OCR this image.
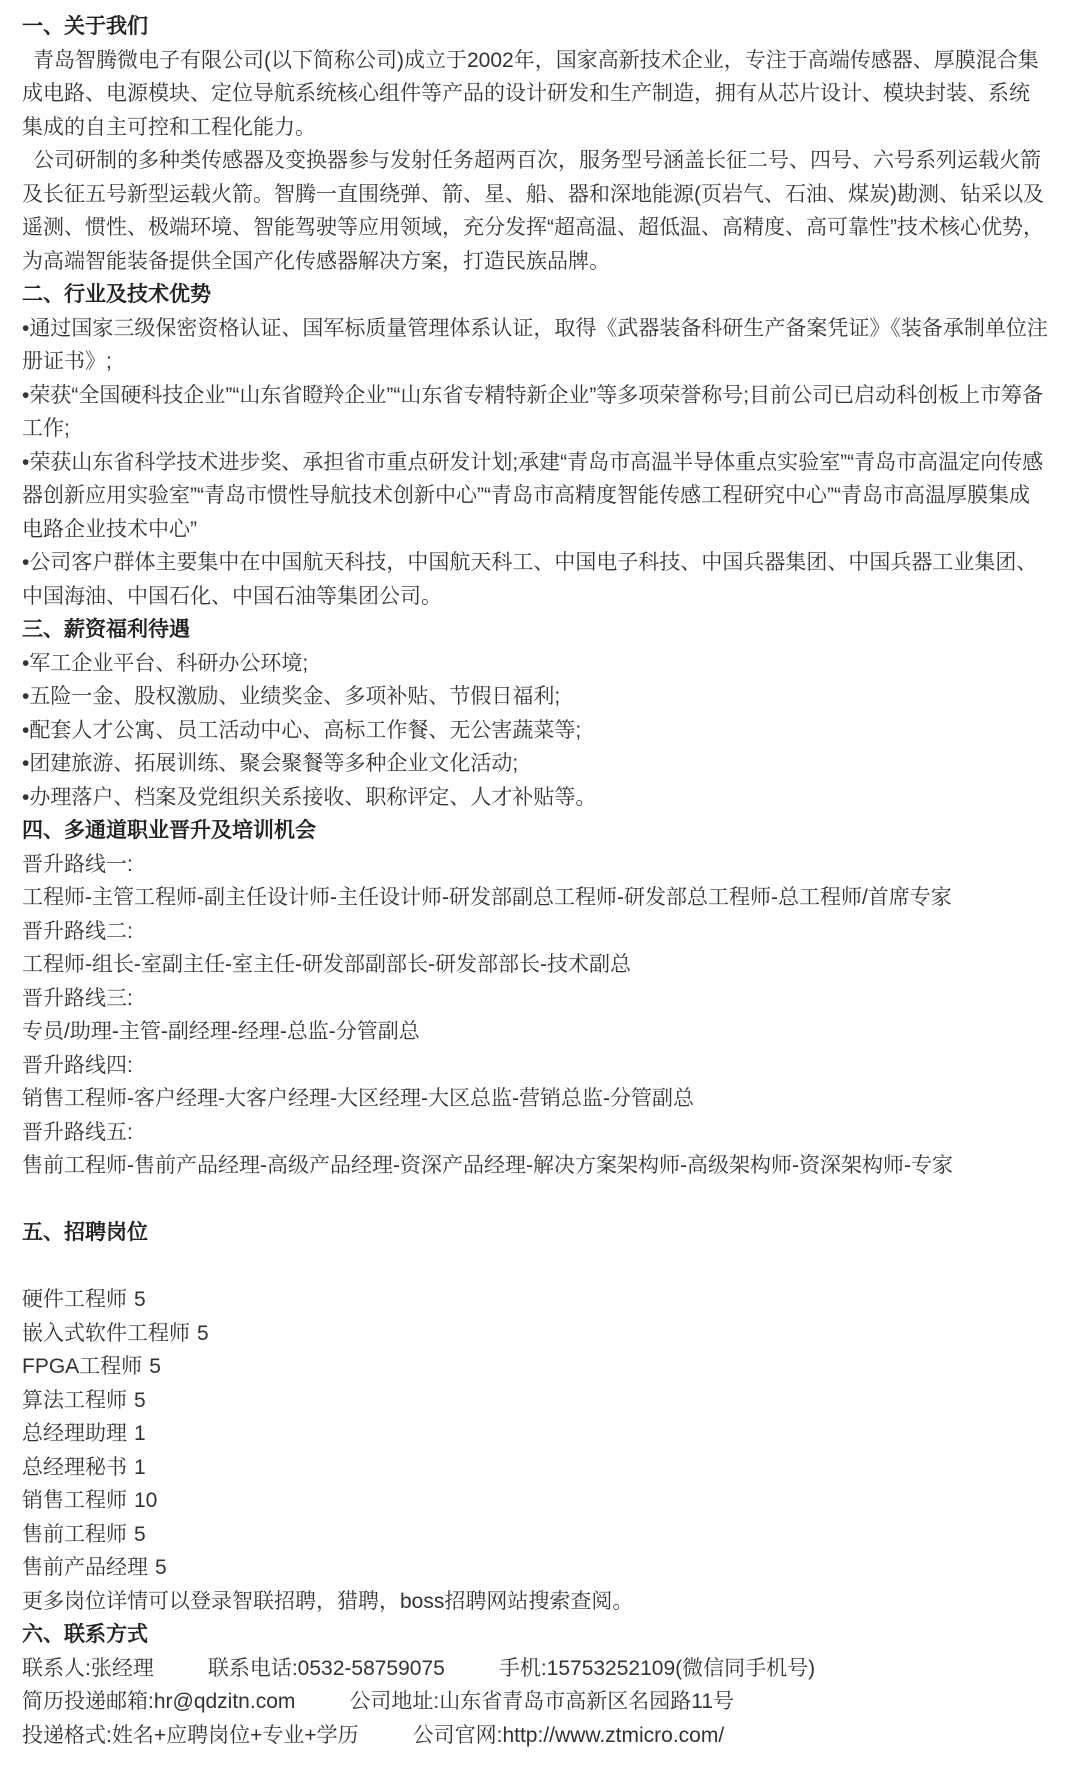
一、关于我们

青岛智腾微电子有限公司(以下简称公司)成立于2002年，国家高新技术企业，专注于高端传感器、厚膜混合集成电路、电源模块、定位导航系统核心组件等产品的设计研发和生产制造，拥有从芯片设计、模块封装、系统集成的自主可控和工程化能力。

公司研制的多种类传感器及变换器参与发射任务超两百次，服务型号涵盖长征二号、四号、六号系列运载火箭及长征五号新型运载火箭。智腾一直围绕弹、箭、星、船、器和深地能源(页岩气、石油、煤炭)勘测、钻采以及遥测、惯性、极端环境、智能驾驶等应用领域，充分发挥“超高温、超低温、高精度、高可靠性”技术核心优势，为高端智能装备提供全国产化传感器解决方案，打造民族品牌。

二、行业及技术优势

•通过国家三级保密资格认证、国军标质量管理体系认证，取得《武器装备科研生产备案凭证》《装备承制单位注册证书》;

•荣获“全国硬科技企业”“山东省瞪羚企业”“山东省专精特新企业”等多项荣誉称号;目前公司已启动科创板上市筹备工作;

•荣获山东省科学技术进步奖、承担省市重点研发计划;承建“青岛市高温半导体重点实验室”“青岛市高温定向传感器创新应用实验室”“青岛市惯性导航技术创新中心”“青岛市高精度智能传感工程研究中心”“青岛市高温厚膜集成电路企业技术中心”

•公司客户群体主要集中在中国航天科技，中国航天科工、中国电子科技、中国兵器集团、中国兵器工业集团、中国海油、中国石化、中国石油等集团公司。

三、薪资福利待遇

•军工企业平台、科研办公环境;

•五险一金、股权激励、业绩奖金、多项补贴、节假日福利;

•配套人才公寓、员工活动中心、高标工作餐、无公害蔬菜等;

•团建旅游、拓展训练、聚会聚餐等多种企业文化活动;

•办理落户、档案及党组织关系接收、职称评定、人才补贴等。

四、多通道职业晋升及培训机会
晋升路线一:
工程师-主管工程师-副主任设计师-主任设计师-研发部副总工程师-研发部总工程师-总工程师/首席专家
晋升路线二:
工程师-组长-室副主任-室主任-研发部副部长-研发部部长-技术副总
晋升路线三:
专员/助理-主管-副经理-经理-总监-分管副总
晋升路线四:
销售工程师-客户经理-大客户经理-大区经理-大区总监-营销总监-分管副总
晋升路线五:
售前工程师-售前产品经理-高级产品经理-资深产品经理-解决方案架构师-高级架构师-资深架构师-专家
五、招聘岗位
硬件工程师 5
嵌入式软件工程师 5
FPGA工程师 5
算法工程师 5
总经理助理 1
总经理秘书 1
销售工程师 10
售前工程师 5
售前产品经理 5
更多岗位详情可以登录智联招聘，猎聘，boss招聘网站搜索查阅。
六、联系方式
联系人:张经理	联系电话:0532-58759075	手机:15753252109(微信同手机号)
简历投递邮箱:hr@qdzitn.com	公司地址:山东省青岛市高新区名园路11号
投递格式:姓名+应聘岗位+专业+学历	公司官网:http://www.ztmicro.com/
